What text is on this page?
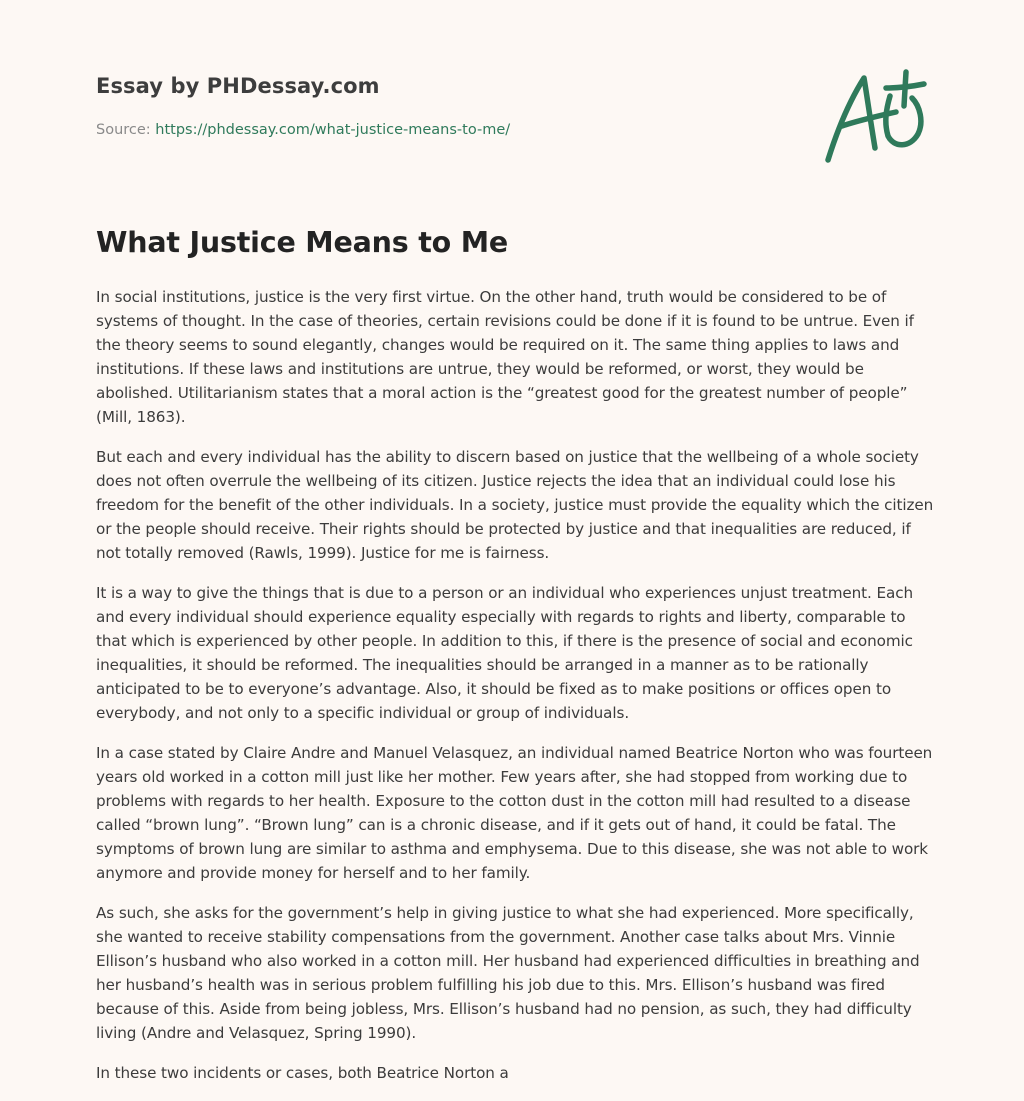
Essay by PHDessay.com
Source: https://phdessay.com/what-justice-means-to-me/
What Justice Means to Me

In social institutions, justice is the very first virtue. On the other hand, truth would be considered to be of systems of thought. In the case of theories, certain revisions could be done if it is found to be untrue. Even if the theory seems to sound elegantly, changes would be required on it. The same thing applies to laws and institutions. If these laws and institutions are untrue, they would be reformed, or worst, they would be abolished. Utilitarianism states that a moral action is the “greatest good for the greatest number of people” (Mill, 1863).

But each and every individual has the ability to discern based on justice that the wellbeing of a whole society does not often overrule the wellbeing of its citizen. Justice rejects the idea that an individual could lose his freedom for the benefit of the other individuals. In a society, justice must provide the equality which the citizen or the people should receive. Their rights should be protected by justice and that inequalities are reduced, if not totally removed (Rawls, 1999). Justice for me is fairness.

It is a way to give the things that is due to a person or an individual who experiences unjust treatment. Each and every individual should experience equality especially with regards to rights and liberty, comparable to that which is experienced by other people. In addition to this, if there is the presence of social and economic inequalities, it should be reformed. The inequalities should be arranged in a manner as to be rationally anticipated to be to everyone’s advantage. Also, it should be fixed as to make positions or offices open to everybody, and not only to a specific individual or group of individuals.

In a case stated by Claire Andre and Manuel Velasquez, an individual named Beatrice Norton who was fourteen years old worked in a cotton mill just like her mother. Few years after, she had stopped from working due to problems with regards to her health. Exposure to the cotton dust in the cotton mill had resulted to a disease called “brown lung”. “Brown lung” can is a chronic disease, and if it gets out of hand, it could be fatal. The symptoms of brown lung are similar to asthma and emphysema. Due to this disease, she was not able to work anymore and provide money for herself and to her family.

As such, she asks for the government’s help in giving justice to what she had experienced. More specifically, she wanted to receive stability compensations from the government. Another case talks about Mrs. Vinnie Ellison’s husband who also worked in a cotton mill. Her husband had experienced difficulties in breathing and her husband’s health was in serious problem fulfilling his job due to this. Mrs. Ellison’s husband was fired because of this. Aside from being jobless, Mrs. Ellison’s husband had no pension, as such, they had difficulty living (Andre and Velasquez, Spring 1990).

In these two incidents or cases, both Beatrice Norton a
